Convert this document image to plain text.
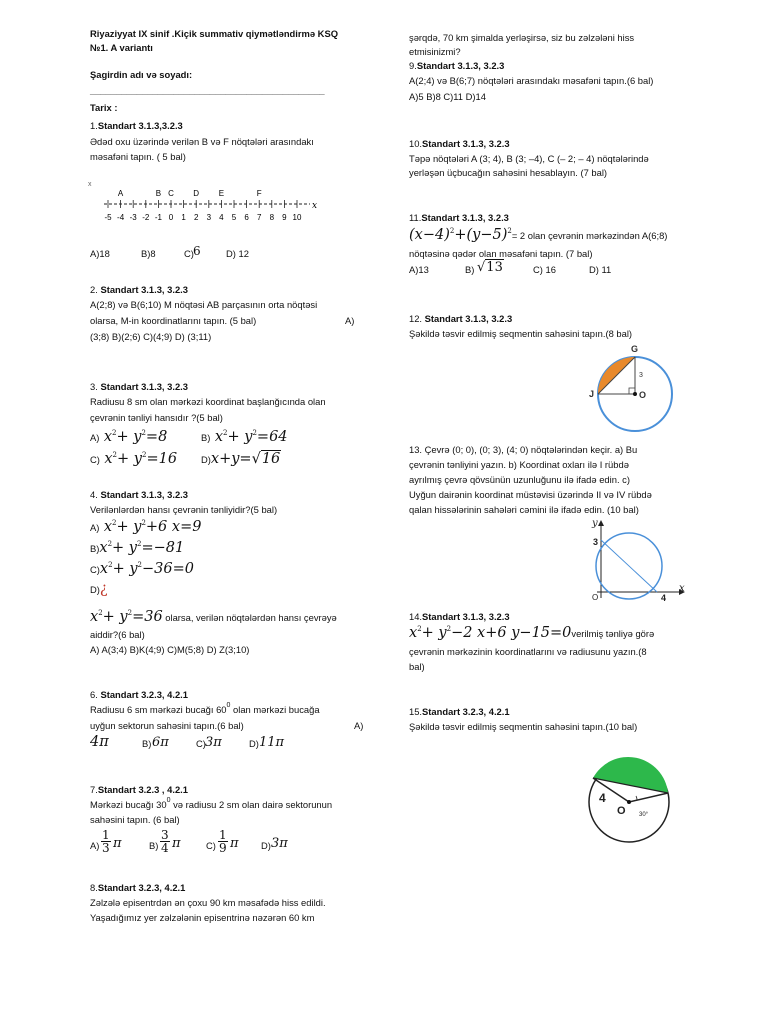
Riyaziyyat IX sinif .Kiçik summativ qiymətləndirmə KSQ
№1. A variantı
Şagirdin adı və soyadı:
_____________________________________________
Tarix :
1.Standart 3.1.3,3.2.3
Ədəd oxu üzərində verilən B və F nöqtələri arasındakı
məsafəni tapın. ( 5 bal)
x
-5 -4 -3 -2 -1 0 1 2 3 4 5 6 7 8 9 10
A	B C D E	F
x
A)18	B)8	C) 6	D) 12
2. Standart 3.1.3, 3.2.3
A(2;8) və B(6;10) M nöqtəsi AB parçasının orta nöqtəsi
olarsa, M-in koordinatlarını tapın. (5 bal)	A)
(3;8) B)(2;6) C)(4;9) D) (3;11)
3. Standart 3.1.3, 3.2.3
Radiusu 8 sm olan mərkəzi koordinat başlanğıcında olan
çevrənin tənliyi hansıdır ?(5 bal)
A) $x^2+ y^2=8$	B) $x^2+ y^2=64$
C) $x^2+ y^2=16$	D)x+y=√16
4. Standart 3.1.3, 3.2.3
Verilənlərdən hansı çevrənin tənliyidir?(5 bal)
A) $x^2+ y^2+6$ x=9
$B)x^2+ y^2=-81$
$C)x^2+ y^2-36=0$
D)¿
$x^2+ y^2=36$ olarsa, verilən nöqtələrdən hansı çevrəyə
aiddir?(6 bal)
A) A(3;4) B)K(4;9) C)M(5;8) D) Z(3;10)
6. Standart 3.2.3, 4.2.1
Radiusu 6 sm mərkəzi bucağı $60^0$ olan mərkəzi bucağa
uyğun sektorun sahəsini tapın.(6 bal)	A)
4π	B) 6π	C) 3π	D) 11π
7.Standart 3.2.3 , 4.2.1
Mərkəzi bucağı $30^0$ və radiusu 2 sm olan dairə sektorunun
sahəsini tapın. (6 bal)
$A) \frac{1}{3}$ π	$B) \frac{3}{4}$ π	$C) \frac{1}{9}$ π D) 3π
8.Standart 3.2.3, 4.2.1
Zəlzələ episentrdən ən çoxu 90 km məsafədə hiss edildi.
Yaşadığımız yer zəlzələnin episentrinə nəzərən 60 km
şərqdə, 70 km şimalda yerləşirsə, siz bu zəlzələni hiss
etmisinizmi?
9.Standart 3.1.3, 3.2.3
A(2;4) və B(6;7) nöqtələri arasındakı məsafəni tapın.(6 bal)
A)5 B)8 C)11 D)14
10.Standart 3.1.3, 3.2.3
Təpə nöqtələri A (3; 4), B (3; –4), C (– 2; – 4) nöqtələrində
yerləşən üçbucağın sahəsini hesablayın. (7 bal)
11.Standart 3.1.3, 3.2.3
$(x-4)^2+(y-5)^2= 2$ olan çevrənin mərkəzindən A(6;8)
nöqtəsinə qədər olan məsafəni tapın. (7 bal)
A)13	B) √13	C) 16	D) 11
12. Standart 3.1.3, 3.2.3
Şəkildə təsvir edilmiş seqmentin sahəsini tapın.(8 bal)
G
J	O
3
13. Çevrə (0; 0), (0; 3), (4; 0) nöqtələrindən keçir. a) Bu
çevrənin tənliyini yazın. b) Koordinat oxları ilə I rübdə
ayrılmış çevrə qövsünün uzunluğunu ilə ifadə edin. c)
Uyğun dairənin koordinat müstəvisi üzərində II və IV rübdə
qalan hissələrinin sahələri cəmini ilə ifadə edin. (10 bal)
y
x
3
4
O
14.Standart 3.1.3, 3.2.3
$x^2+ y^2-2$ x+6 y−15=0verilmiş tənliyə görə
çevrənin mərkəzinin koordinatlarını və radiusunu yazın.(8
bal)
15.Standart 3.2.3, 4.2.1
Şəkildə təsvir edilmiş seqmentin sahəsini tapın.(10 bal)
4
O 30°
